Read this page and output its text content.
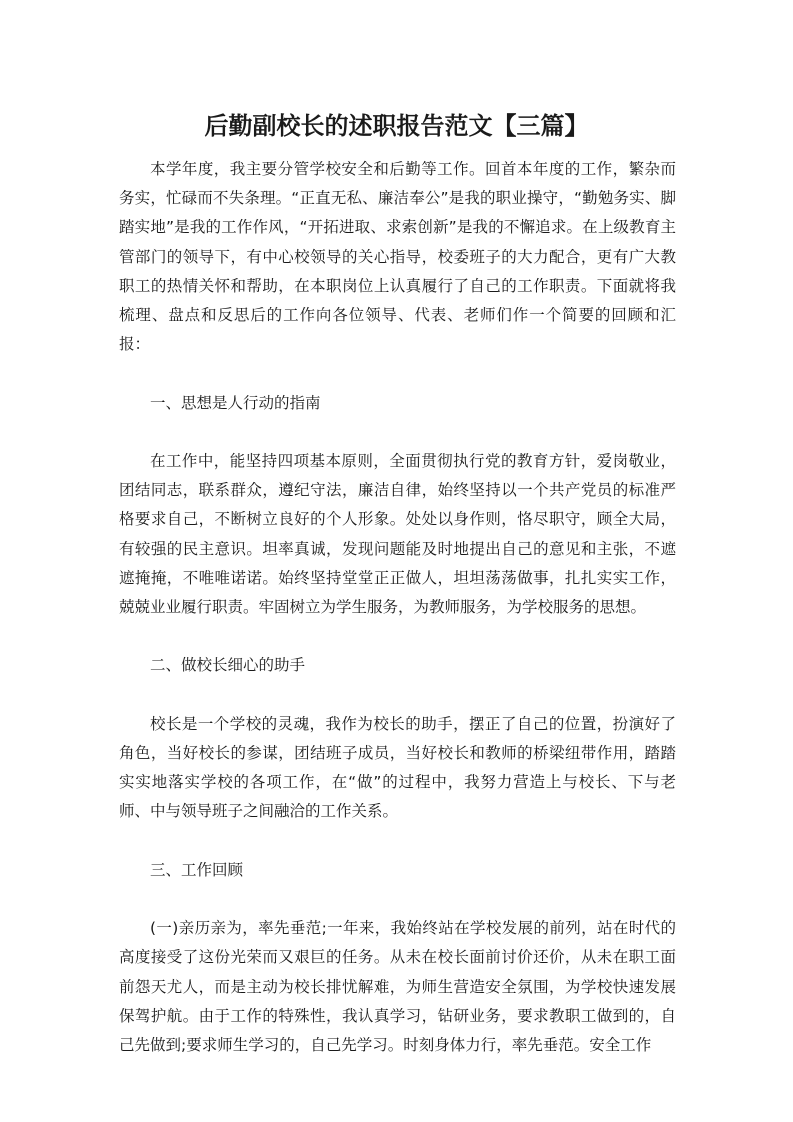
后勤副校长的述职报告范文【三篇】

本学年度，我主要分管学校安全和后勤等工作。回首本年度的工作，繁杂而务实，忙碌而不失条理。“正直无私、廉洁奉公”是我的职业操守，“勤勉务实、脚踏实地”是我的工作作风，“开拓进取、求索创新”是我的不懈追求。在上级教育主管部门的领导下，有中心校领导的关心指导，校委班子的大力配合，更有广大教职工的热情关怀和帮助，在本职岗位上认真履行了自己的工作职责。下面就将我梳理、盘点和反思后的工作向各位领导、代表、老师们作一个简要的回顾和汇报：

一、思想是人行动的指南

在工作中，能坚持四项基本原则，全面贯彻执行党的教育方针，爱岗敬业，团结同志，联系群众，遵纪守法，廉洁自律，始终坚持以一个共产党员的标准严格要求自己，不断树立良好的个人形象。处处以身作则，恪尽职守，顾全大局，有较强的民主意识。坦率真诚，发现问题能及时地提出自己的意见和主张，不遮遮掩掩，不唯唯诺诺。始终坚持堂堂正正做人，坦坦荡荡做事，扎扎实实工作，兢兢业业履行职责。牢固树立为学生服务，为教师服务，为学校服务的思想。

二、做校长细心的助手

校长是一个学校的灵魂，我作为校长的助手，摆正了自己的位置，扮演好了角色，当好校长的参谋，团结班子成员，当好校长和教师的桥梁纽带作用，踏踏实实地落实学校的各项工作，在“做”的过程中，我努力营造上与校长、下与老师、中与领导班子之间融洽的工作关系。

三、工作回顾

(一)亲历亲为，率先垂范;一年来，我始终站在学校发展的前列，站在时代的高度接受了这份光荣而又艰巨的任务。从未在校长面前讨价还价，从未在职工面前怨天尤人，而是主动为校长排忧解难，为师生营造安全氛围，为学校快速发展保驾护航。由于工作的特殊性，我认真学习，钻研业务，要求教职工做到的，自己先做到;要求师生学习的，自己先学习。时刻身体力行，率先垂范。安全工作
